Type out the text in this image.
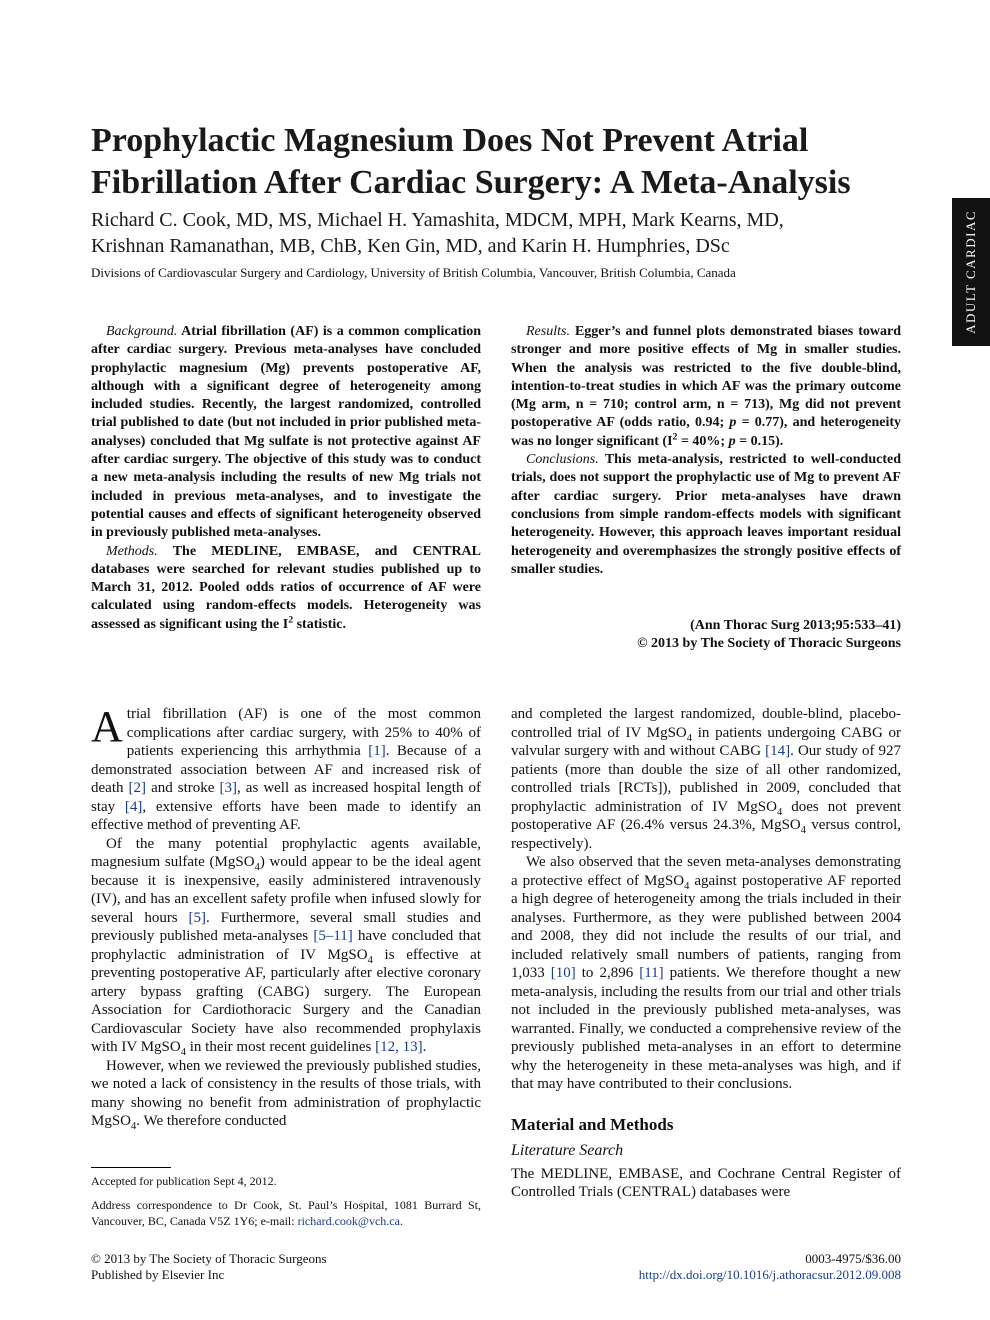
Prophylactic Magnesium Does Not Prevent Atrial Fibrillation After Cardiac Surgery: A Meta-Analysis
Richard C. Cook, MD, MS, Michael H. Yamashita, MDCM, MPH, Mark Kearns, MD,
Krishnan Ramanathan, MB, ChB, Ken Gin, MD, and Karin H. Humphries, DSc
Divisions of Cardiovascular Surgery and Cardiology, University of British Columbia, Vancouver, British Columbia, Canada	ADULT CARDIAC

Background. Atrial fibrillation (AF) is a common complication after cardiac surgery. Previous meta-analyses have concluded prophylactic magnesium (Mg) prevents postoperative AF, although with a significant degree of heterogeneity among included studies. Recently, the largest randomized, controlled trial published to date (but not included in prior published meta-analyses) concluded that Mg sulfate is not protective against AF after cardiac surgery. The objective of this study was to conduct a new meta-analysis including the results of new Mg trials not included in previous meta-analyses, and to investigate the potential causes and effects of significant heterogeneity observed in previously published meta-analyses.

Methods. The MEDLINE, EMBASE, and CENTRAL databases were searched for relevant studies published up to March 31, 2012. Pooled odds ratios of occurrence of AF were calculated using random-effects models. Heterogeneity was assessed as significant using the $I^2$ statistic.

Results. Egger’s and funnel plots demonstrated biases toward stronger and more positive effects of Mg in smaller studies. When the analysis was restricted to the five double-blind, intention-to-treat studies in which AF was the primary outcome (Mg arm, n = 710; control arm, n = 713), Mg did not prevent postoperative AF (odds ratio, 0.94; p = 0.77), and heterogeneity was no longer significant ($I^2 = 40\%$; p = 0.15).

Conclusions. This meta-analysis, restricted to well-conducted trials, does not support the prophylactic use of Mg to prevent AF after cardiac surgery. Prior meta-analyses have drawn conclusions from simple random-effects models with significant heterogeneity. However, this approach leaves important residual heterogeneity and overemphasizes the strongly positive effects of smaller studies.

(Ann Thorac Surg 2013;95:533–41)
© 2013 by The Society of Thoracic Surgeons

Atrial fibrillation (AF) is one of the most common complications after cardiac surgery, with 25% to 40% of patients experiencing this arrhythmia [1]. Because of a demonstrated association between AF and increased risk of death [2] and stroke [3], as well as increased hospital length of stay [4], extensive efforts have been made to identify an effective method of preventing AF.

Of the many potential prophylactic agents available, magnesium sulfate (MgSO$_4$) would appear to be the ideal agent because it is inexpensive, easily administered intravenously (IV), and has an excellent safety profile when infused slowly for several hours [5]. Furthermore, several small studies and previously published meta-analyses [5–11] have concluded that prophylactic administration of IV MgSO$_4$ is effective at preventing postoperative AF, particularly after elective coronary artery bypass grafting (CABG) surgery. The European Association for Cardiothoracic Surgery and the Canadian Cardiovascular Society have also recommended prophylaxis with IV MgSO$_4$ in their most recent guidelines [12, 13].

However, when we reviewed the previously published studies, we noted a lack of consistency in the results of those trials, with many showing no benefit from administration of prophylactic MgSO$_4$. We therefore conducted

and completed the largest randomized, double-blind, placebo-controlled trial of IV MgSO$_4$ in patients undergoing CABG or valvular surgery with and without CABG [14]. Our study of 927 patients (more than double the size of all other randomized, controlled trials [RCTs]), published in 2009, concluded that prophylactic administration of IV MgSO$_4$ does not prevent postoperative AF (26.4% versus 24.3%, MgSO$_4$ versus control, respectively).

We also observed that the seven meta-analyses demonstrating a protective effect of MgSO$_4$ against postoperative AF reported a high degree of heterogeneity among the trials included in their analyses. Furthermore, as they were published between 2004 and 2008, they did not include the results of our trial, and included relatively small numbers of patients, ranging from 1,033 [10] to 2,896 [11] patients. We therefore thought a new meta-analysis, including the results from our trial and other trials not included in the previously published meta-analyses, was warranted. Finally, we conducted a comprehensive review of the previously published meta-analyses in an effort to determine why the heterogeneity in these meta-analyses was high, and if that may have contributed to their conclusions.

Material and Methods

Literature Search

The MEDLINE, EMBASE, and Cochrane Central Register of Controlled Trials (CENTRAL) databases were

Accepted for publication Sept 4, 2012.
Address correspondence to Dr Cook, St. Paul’s Hospital, 1081 Burrard St, Vancouver, BC, Canada V5Z 1Y6; e-mail: richard.cook@vch.ca.
© 2013 by The Society of Thoracic Surgeons
Published by Elsevier Inc
0003-4975/$36.00
http://dx.doi.org/10.1016/j.athoracsur.2012.09.008
